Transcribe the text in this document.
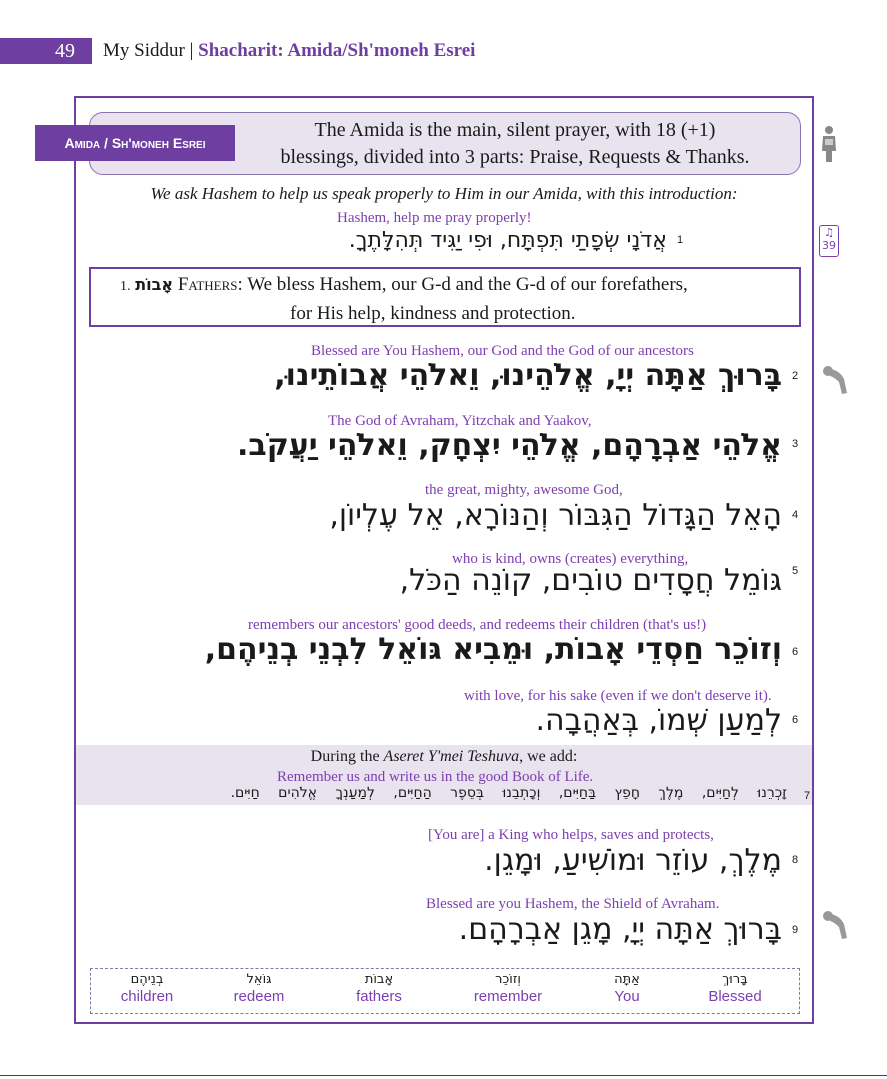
49 My Siddur | Shacharit: Amida/Sh'moneh Esrei
Amida / Sh'moneh Esrei
The Amida is the main, silent prayer, with 18 (+1)
blessings, divided into 3 parts: Praise, Requests & Thanks.
We ask Hashem to help us speak properly to Him in our Amida, with this introduction:
Hashem, help me pray properly!
אֲדֹנָי שְׂפָתַי תִּפְתָּח, וּפִי יַגִּיד תְּהִלָּתֶךָ. 1
♫
39
1. אָבוֹת Fathers: We bless Hashem, our G-d and the G-d of our forefathers,
for His help, kindness and protection.
Blessed are You Hashem, our God and the God of our ancestors
בָּרוּךְ אַתָּה יְיָ, אֱלֹהֵינוּ, וֵאלֹהֵי אֲבוֹתֵינוּ, 2
The God of Avraham, Yitzchak and Yaakov,
אֱלֹהֵי אַבְרָהָם, אֱלֹהֵי יִצְחָק, וֵאלֹהֵי יַעֲקֹב. 3
the great, mighty, awesome God,
הָאֵל הַגָּדוֹל הַגִּבּוֹר וְהַנּוֹרָא, אֵל עֶלְיוֹן, 4
who is kind, owns (creates) everything,
גּוֹמֵל חֲסָדִים טוֹבִים, קוֹנֵה הַכֹּל, 5
remembers our ancestors' good deeds, and redeems their children (that's us!)
וְזוֹכֵר חַסְדֵי אָבוֹת, וּמֵבִיא גּוֹאֵל לִבְנֵי בְנֵיהֶם, 6
with love, for his sake (even if we don't deserve it).
לְמַעַן שְׁמוֹ, בְּאַהֲבָה. 6
During the Aseret Y'mei Teshuva, we add:
Remember us and write us in the good Book of Life.
זָכְרֵנוּ לְחַיִּים, מֶלֶךְ חָפֵץ בַּחַיִּים, וְכָתְבֵנוּ בְּסֵפֶר הַחַיִּים, לְמַעַנְךָ אֱלֹהִים חַיִּים. 7
[You are] a King who helps, saves and protects,
מֶלֶךְ, עוֹזֵר וּמוֹשִׁיעַ, וּמָגֵן. 8
Blessed are you Hashem, the Shield of Avraham.
בָּרוּךְ אַתָּה יְיָ, מָגֵן אַבְרָהָם. 9
בָּרוּךְ
Blessed
אַתָּה
You
וְזוֹכֵר
remember
אָבוֹת
fathers
גּוֹאֵל
redeem
בְנֵיהֶם
children
